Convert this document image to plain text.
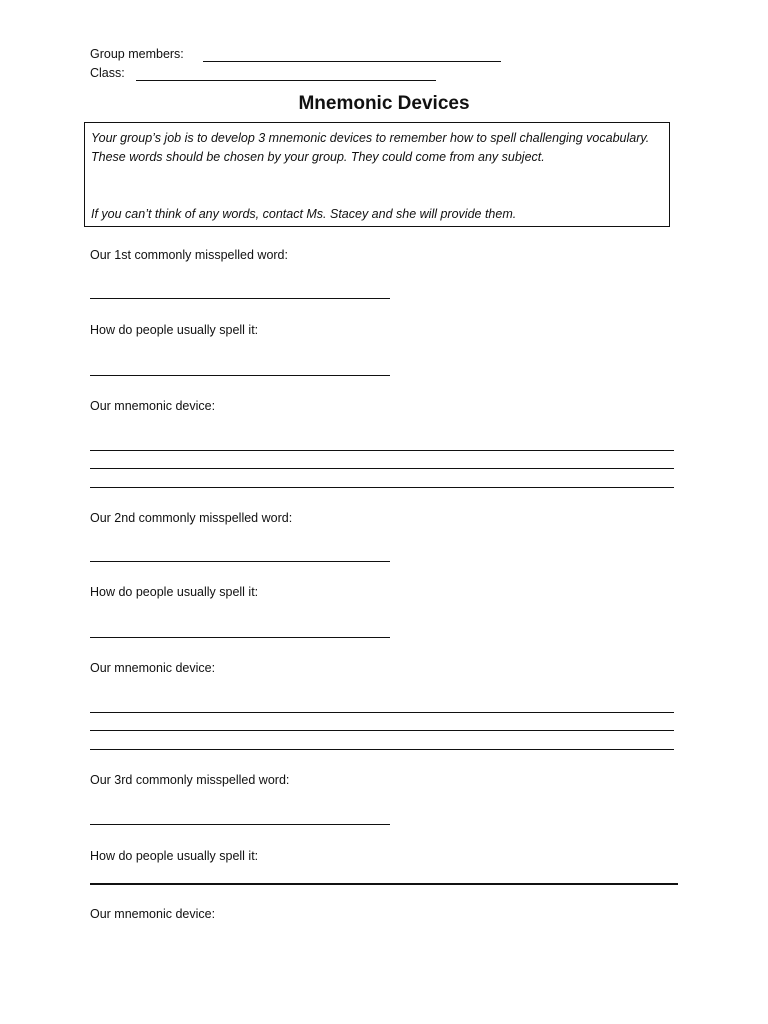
Group members:
Class:
Mnemonic Devices

Your group’s job is to develop 3 mnemonic devices to remember how to spell challenging vocabulary. These words should be chosen by your group. They could come from any subject.

If you can’t think of any words, contact Ms. Stacey and she will provide them.

Our 1st commonly misspelled word:
How do people usually spell it:
Our mnemonic device:
Our 2nd commonly misspelled word:
How do people usually spell it:
Our mnemonic device:
Our 3rd commonly misspelled word:
How do people usually spell it:
Our mnemonic device:
